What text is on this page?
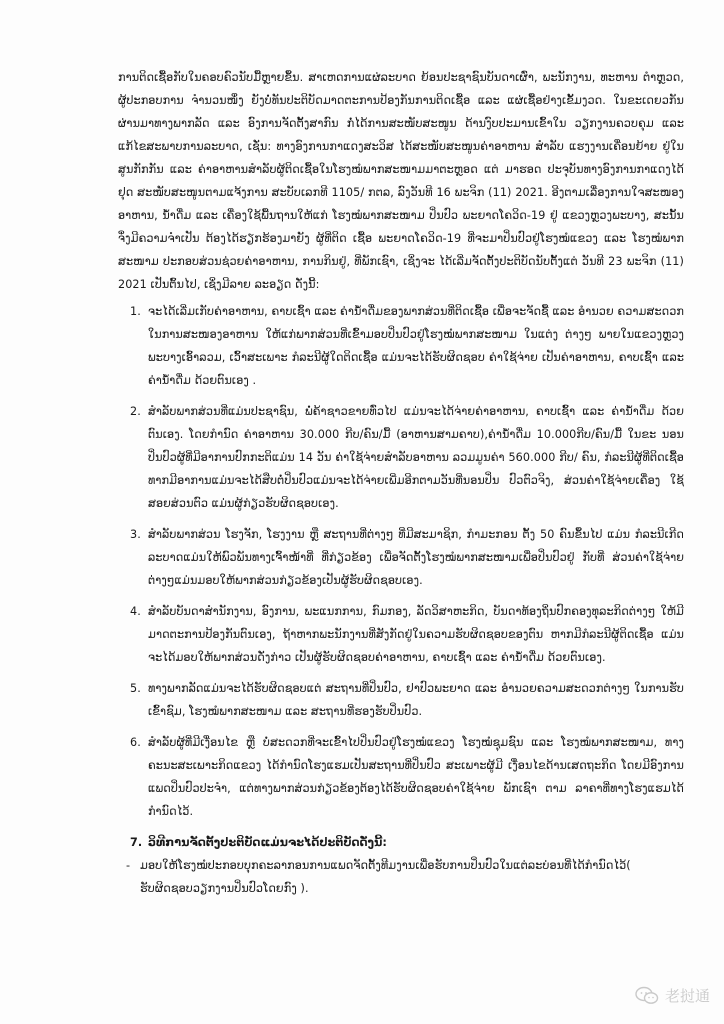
ການຕິດເຊື້ອກັບໃນຄອບຄົວນັບມື້ຫຼາຍຂຶ້ນ. ສາເຫດການແຜ່ລະບາດ ຍ້ອນປະຊາຊົນບັນດາເຜົ່າ, ພະນັກງານ, ທະຫານ ຕຳຫຼວດ, ຜູ້ປະກອບການ ຈຳນວນໜຶ່ງ ຍັງບໍ່ທັນປະຕິບັດມາດຕະການປ້ອງກັນການຕິດເຊື້ອ ແລະ ແຜ່ເຊື້ອຢ່າງເຂັ້ມງວດ. ໃນຂະເດຍວກັນ ຜ່ານມາທາງພາກລັດ ແລະ ອົງການຈັດຕັ້ງສາກົນ ກໍ່ໄດ້ການສະໜັບສະໜູນ ດ້ານງົບປະມານເຂົ້າໃນ ວຽກງານຄວບຄຸມ ແລະ ແກ້ໄຂສະພາບການລະບາດ, ເຊັ່ນ: ທາງອົງການກາແດງສະວິສ ໄດ້ສະໜັບສະໜູນຄ່າອາຫານ ສຳລັບ ແຮງງານເຄື່ອນຍ້າຍ ຢູ່ໃນສູນກັກກັນ ແລະ ຄ່າອາຫານສຳລັບຜູ້ຕິດເຊື້ອໃນໂຮງໝໍພາກສະໜາມມາຕະຫຼອດ ແຕ່ ມາຮອດ ປະຈຸບັນທາງອົງການກາແດງໄດ້ຢຸດ ສະໜັບສະໜູນຕາມແຈ້ງການ ສະບັບເລກທີ 1105/ ກຕລ, ລົງວັນທີ 16 ພະຈິກ (11) 2021. ອີງຕາມເລື່ອງການໃຈສະໜອງ ອາຫານ, ນ້ຳດື່ມ ແລະ ເຄື່ອງໃຊ້ພື້ນຖານໃຫ້ແກ່ ໂຮງໝໍພາກສະໜາມ ປິ່ນປົວ ພະຍາດໂຄວິດ-19 ຢູ່ ແຂວງຫຼວງພະບາງ, ສະນັ້ນ ຈຶ່ງມີຄວາມຈຳເປັນ ຕ້ອງໄດ້ຮຽກຮ້ອງມາຍັງ ຜູ້ທີ່ຕິດ ເຊື້ອ ພະຍາດໂຄວິດ-19 ທີ່ຈະມາປິ່ນປົວຢູ່ໂຮງໝໍແຂວງ ແລະ ໂຮງໝໍພາກສະໜາມ ປະກອບສ່ວນຊ່ວຍຄ່າອາຫານ, ການກິນຢູ່, ທີ່ພັກເຊົາ, ເຊິ່ງຈະ ໄດ້ເລີ່ມຈັດຕັ້ງປະຕິບັດນັບຕັ້ງແຕ່ ວັນທີ 23 ພະຈິກ (11) 2021 ເປັນຕົ້ນໄປ, ເຊິ່ງມີລາຍ ລະອຽດ ດັ່ງນີ້:

1. ຈະໄດ້ເລີ່ມເກັບຄ່າອາຫານ, ຄາບເຊົ້າ ແລະ ຄ່ານ້ຳດື່ມຂອງພາກສ່ວນທີ່ຕິດເຊື້ອ ເພື່ອຈະຈັດຊື້ ແລະ ອຳນວຍ ຄວາມສະດວກ ໃນການສະໜອງອາຫານ ໃຫ້ແກ່ພາກສ່ວນທີ່ເຂົ້າມອບປິ່ນປົວຢູ່ໂຮງໝໍພາກສະໜາມ ໃນແຕ່ງ ຕ່າງໆ ພາຍໃນແຂວງຫຼວງພະບາງເອົ້າລວມ, ເວົ້າສະເພາະ ກໍລະນີຜູ້ໃດຕິດເຊື້ອ ແມ່ນຈະໄດ້ຮັບຜິດຊອບ ຄ່າໃຊ້ຈ່າຍ ເປັນຄ່າອາຫານ, ຄາບເຊົ້າ ແລະ ຄ່ານ້ຳດື່ມ ດ້ວຍຕົນເອງ .
2. ສຳລັບພາກສ່ວນທີ່ແມ່ນປະຊາຊົນ, ພໍ່ຄ້າຊາວຂາຍທົ່ວໄປ ແມ່ນຈະໄດ້ຈ່າຍຄ່າອາຫານ, ຄາບເຊົ້າ ແລະ ຄ່ານ້ຳດື່ມ ດ້ວຍຕົນເອງ. ໂດຍກຳນົດ ຄ່າອາຫານ 30.000 ກີບ/ຄົນ/ມື້ (ອາຫານສາມຄາບ),ຄ່ານ້ຳດື່ມ 10.000ກີບ/ຄົນ/ມື້ ໃນຂະ ນອນປິ່ນປົວຜູ້ທີ່ມີອາການປົກກະຕິແມ່ນ 14 ວັນ ຄ່າໃຊ້ຈ່າຍສຳລັບອາຫານ ລວມມູນຄ່າ 560.000 ກີບ/ ຄົນ, ກໍລະນີຜູ້ທີ່ຕິດເຊື້ອທາກມີອາການແມ່ນຈະໄດ້ສືບຕໍ່ປິ່ນປົວແມ່ນຈະໄດ້ຈ່າຍເພີ່ມອີກຕາມວັນທີ່ນອນປິ່ນ ປົວຕົວຈິງ, ສ່ວນຄ່າໃຊ້ຈ່າຍເຄື່ອງ ໃຊ້ສອຍສ່ວນຕົວ ແມ່ນຜູ້ກ່ຽວຮັບຜິດຊອບເອງ.
3. ສຳລັບພາກສ່ວນ ໂຮງຈັກ, ໂຮງງານ ຫຼື ສະຖານທີ່ຕ່າງໆ ທີ່ມີສະມາຊິກ, ກຳມະກອນ ຕັ້ງ 50 ຄົນຂຶ້ນໄປ ແມ່ນ ກໍລະນີເກີດລະບາດແມ່ນໃຫ້ພົວພັນທາງເຈົ້າໜ້າທີ່ ທີ່ກ່ຽວຂ້ອງ ເພື່ອຈັດຕັ້ງໂຮງໝໍພາກສະໜາມເພື່ອປິ່ນປົວຢູ່ ກັບທີ່ ສ່ວນຄ່າໃຊ້ຈ່າຍຕ່າງໆແມ່ນມອບໃຫ້ພາກສ່ວນກ່ຽວຂ້ອງເປັນຜູ້ຮັບຜິດຊອບເອງ.
4. ສຳລັບບັນດາສຳນັກງານ, ອົງການ, ພະແນກການ, ກົມກອງ, ລັດວິສາຫະກິດ, ບັນດາທ້ອງຖິ່ນປົກຄອງທຸລະກິດຕ່າງໆ ໃຫ້ມີມາດຕະການປ້ອງກັນຕົນເອງ, ຖ້າຫາກພະນັກງານທີ່ສັງກັດຢູ່ໃນຄວາມຮັບຜິດຊອບຂອງຕົນ ຫາກມີກໍລະນີຜູ້ຕິດເຊື້ອ ແມ່ນຈະໄດ້ມອບໃຫ້ພາກສ່ວນດັ່ງກ່າວ ເປັນຜູ້ຮັບຜິດຊອບຄ່າອາຫານ, ຄາບເຊົ້າ ແລະ ຄ່ານ້ຳດື່ມ ດ້ວຍຕົນເອງ.
5. ທາງພາກລັດແມ່ນຈະໄດ້ຮັບຜິດຊອບແຕ່ ສະຖານທີ່ປິ່ນປົວ, ຢາປົວພະຍາດ ແລະ ອຳນວຍຄວາມສະດວກຕ່າງໆ ໃນການຮັບເຂົ້າຊົມ, ໂຮງໝໍພາກສະໜາມ ແລະ ສະຖານທີ່ຮອງຮັບປິ່ນປົວ.
6. ສຳລັບຜູ້ທີ່ມີເງື່ອນໄຂ ຫຼື ບໍ່ສະດວກທີ່ຈະເຂົ້າໄປປິ່ນປົວຢູ່ໂຮງໝໍແຂວງ ໂຮງໝໍຊຸມຊົນ ແລະ ໂຮງໝໍພາກສະໜາມ, ທາງຄະນະສະເພາະກິດແຂວງ ໄດ້ກຳນົດໂຮງແຮມເປັນສະຖານທີ່ປິ່ນປົວ ສະເພາະຜູ້ມີ ເງື່ອນໄຂດ້ານເສດຖະກິດ ໂດຍມີອົງການແພດປິ່ນປົວປະຈຳ, ແຕ່ທາງພາກສ່ວນກ່ຽວຂ້ອງຕ້ອງໄດ້ຮັບຜິດຊອບຄ່າໃຊ້ຈ່າຍ ພັກເຊົາ ຕາມ ລາຄາທີ່ທາງໂຮງແຮມໄດ້ ກຳນົດໄວ້.
7. ວິທີການຈັດຕັ້ງປະຕິບັດແມ່ນຈະໄດ້ປະຕິບັດດັ່ງນີ້:
- ມອບໃຫ້ໂຮງໝໍປະກອບບຸກຄະລາກອນການແພດຈັດຕັ້ງທີມງານເພື່ອຮັບການປິ່ນປົວໃນແຕ່ລະບ່ອນທີ່ໄດ້ກຳນົດໄວ້( ຮັບຜິດຊອບວຽກງານປິ່ນປົວໂດຍກົງ ).
老挝通
